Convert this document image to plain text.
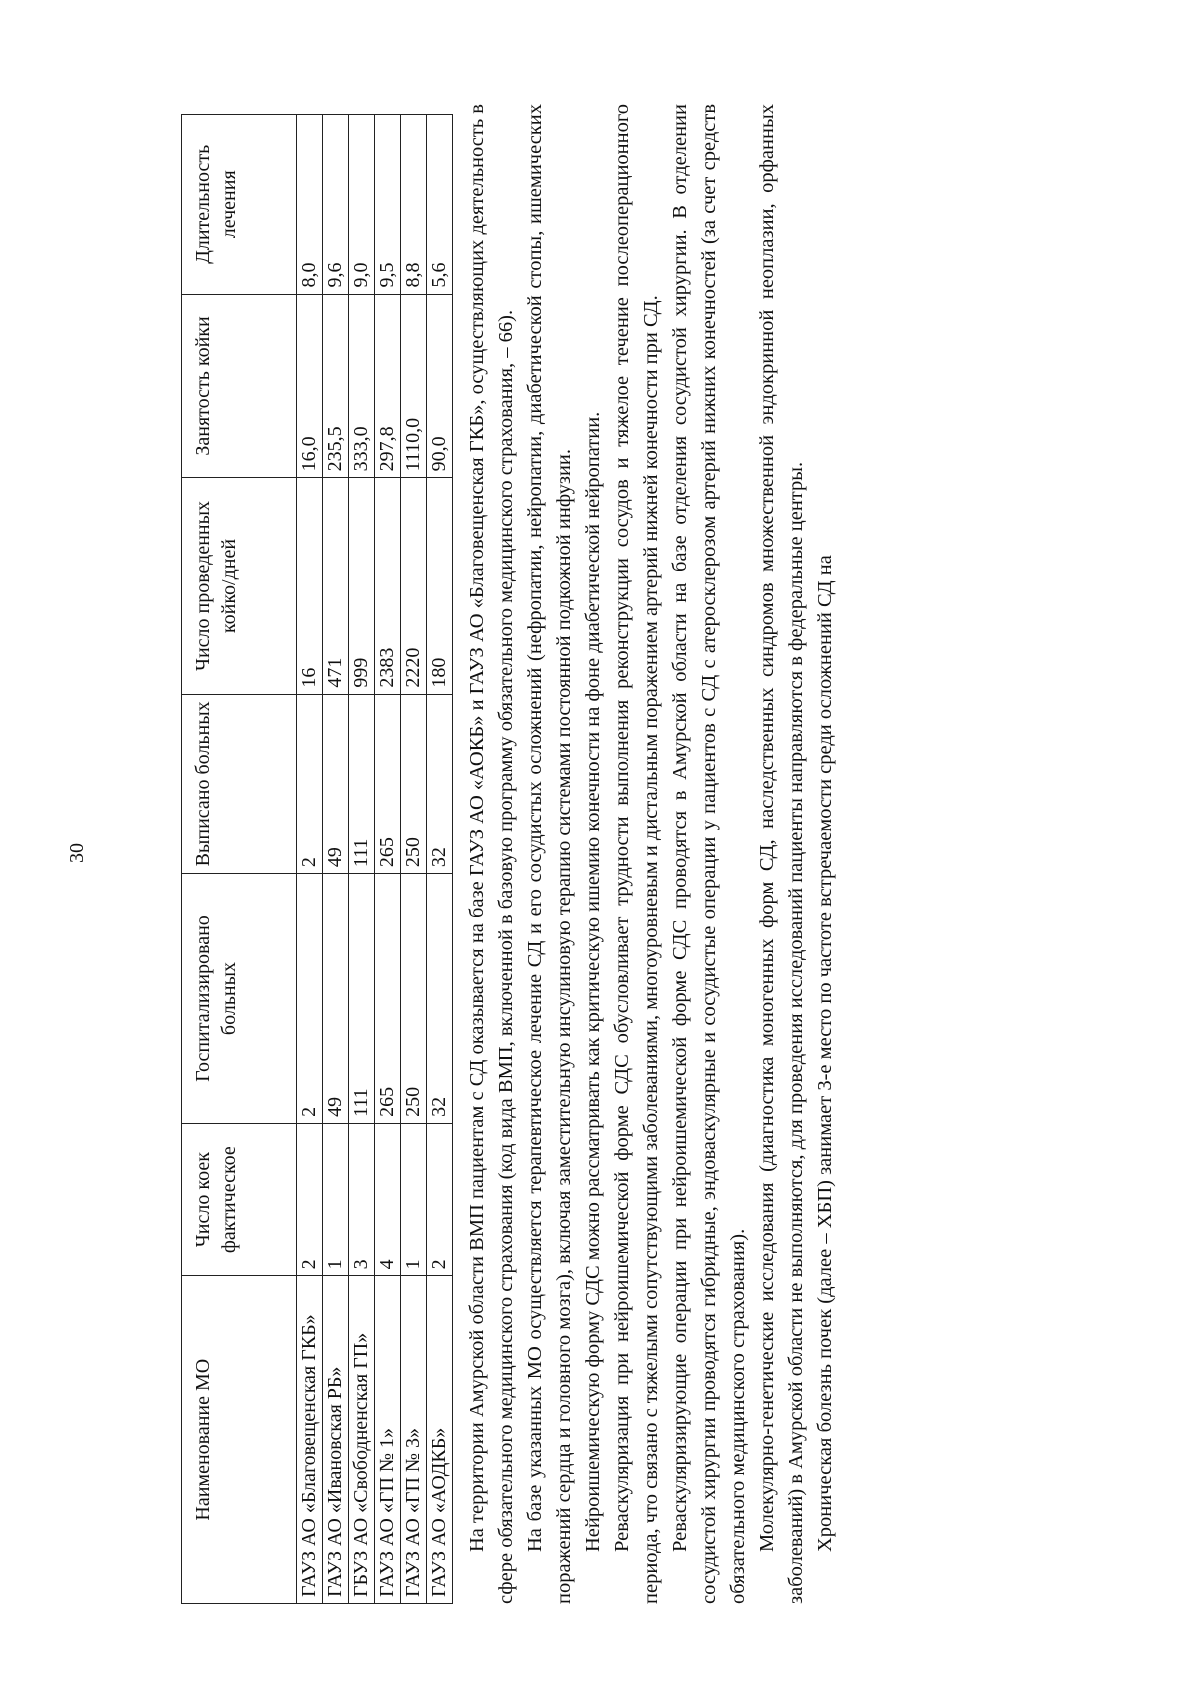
30
Наименование МО	Число коек фактическое	Госпитализировано больных	Выписано больных	Число проведенных койко/дней	Занятость койки	Длительность лечения
ГАУЗ АО «Благовещенская ГКБ»	2	2	2	16	16,0	8,0
ГАУЗ АО «Ивановская РБ»	1	49	49	471	235,5	9,6
ГБУЗ АО «Свободненская ГП»	3	111	111	999	333,0	9,0
ГАУЗ АО «ГП № 1»	4	265	265	2383	297,8	9,5
ГАУЗ АО «ГП № 3»	1	250	250	2220	1110,0	8,8
ГАУЗ АО «АОДКБ»	2	32	32	180	90,0	5,6 На территории Амурской области ВМП пациентам с СД оказывается на базе ГАУЗ АО «АОКБ» и ГАУЗ АО «Благовещенская ГКБ», осуществляющих деятельность в сфере обязательного медицинского страхования (код вида ВМП, включенной в базовую программу обязательного медицинского страхования, – 66). На базе указанных МО осуществляется терапевтическое лечение СД и его сосудистых осложнений (нефропатии, нейропатии, диабетической стопы, ишемических поражений сердца и головного мозга), включая заместительную инсулиновую терапию системами постоянной подкожной инфузии. Нейроишемическую форму СДС можно рассматривать как критическую ишемию конечности на фоне диабетической нейропатии. Реваскуляризация при нейроишемической форме СДС обусловливает трудности выполнения реконструкции сосудов и тяжелое течение послеоперационного периода, что связано с тяжелыми сопутствующими заболеваниями, многоуровневым и дистальным поражением артерий нижней конечности при СД. Реваскуляризирующие операции при нейроишемической форме СДС проводятся в Амурской области на базе отделения сосудистой хирургии. В отделении сосудистой хирургии проводятся гибридные, эндоваскулярные и сосудистые операции у пациентов с СД с атеросклерозом артерий нижних конечностей (за счет средств обязательного медицинского страхования). Молекулярно-генетические исследования (диагностика моногенных форм СД, наследственных синдромов множественной эндокринной неоплазии, орфанных заболеваний) в Амурской области не выполняются, для проведения исследований пациенты направляются в федеральные центры. Хроническая болезнь почек (далее – ХБП) занимает 3-е место по частоте встречаемости среди осложнений СД на
